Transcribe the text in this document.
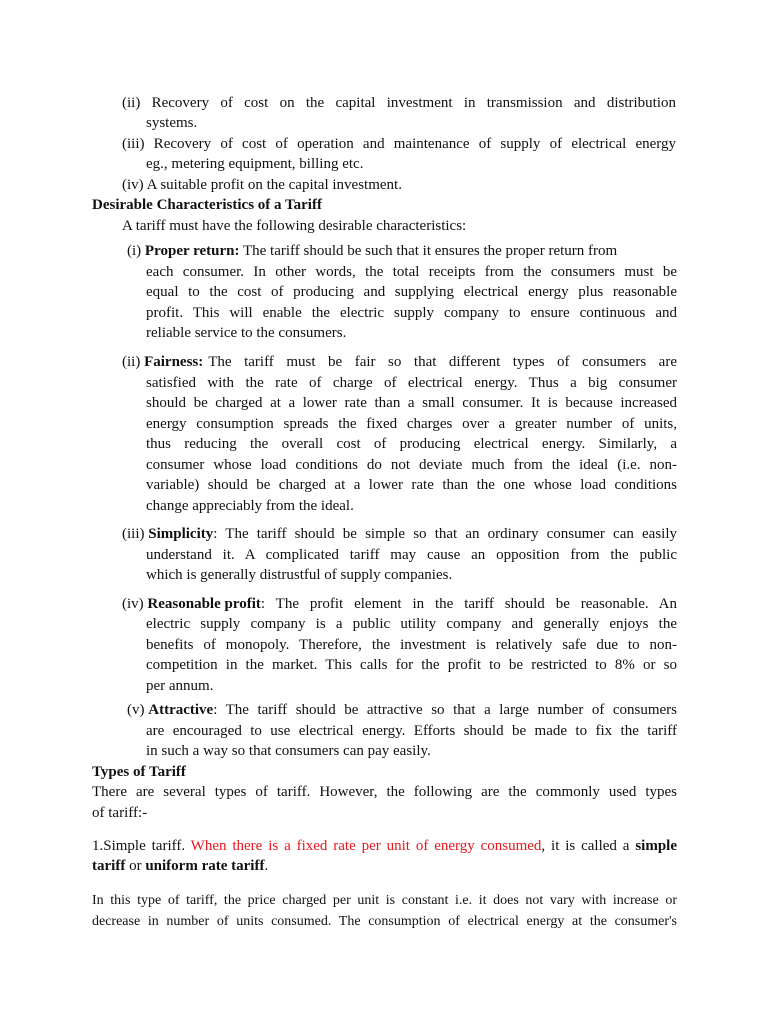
(ii) Recovery of cost on the capital investment in transmission and distribution
systems.
(iii) Recovery of cost of operation and maintenance of supply of electrical energy
eg., metering equipment, billing etc.
(iv) A suitable profit on the capital investment.
Desirable Characteristics of a Tariff
A tariff must have the following desirable characteristics:
(i) Proper return: The tariff should be such that it ensures the proper return from
each consumer. In other words, the total receipts from the consumers must be
equal to the cost of producing and supplying electrical energy plus reasonable
profit. This will enable the electric supply company to ensure continuous and
reliable service to the consumers.
(ii) Fairness: The tariff must be fair so that different types of consumers are
satisfied with the rate of charge of electrical energy. Thus a big consumer
should be charged at a lower rate than a small consumer. It is because increased
energy consumption spreads the fixed charges over a greater number of units,
thus reducing the overall cost of producing electrical energy. Similarly, a
consumer whose load conditions do not deviate much from the ideal (i.e. non-
variable) should be charged at a lower rate than the one whose load conditions
change appreciably from the ideal.
(iii)
Simplicity : The tariff should be simple so that an ordinary consumer can easily
understand it. A complicated tariff may cause an opposition from the public
which is generally distrustful of supply companies.
(iv)
Reasonable profit : The profit element in the tariff should be reasonable. An
electric supply company is a public utility company and generally enjoys the
benefits of monopoly. Therefore, the investment is relatively safe due to non-
competition in the market. This calls for the profit to be restricted to 8% or so
per annum.
(v)
Attractive : The tariff should be attractive so that a large number of consumers
are encouraged to use electrical energy. Efforts should be made to fix the tariff
in such a way so that consumers can pay easily.
Types of Tariff
There are several types of tariff. However, the following are the commonly used types
of tariff:-
1.Simple tariff. When there is a fixed rate per unit of energy consumed, it is called a simple
tariff or uniform rate tariff.
In this type of tariff, the price charged per unit is constant i.e. it does not vary with increase or
decrease in number of units consumed. The consumption of electrical energy at the consumer's
